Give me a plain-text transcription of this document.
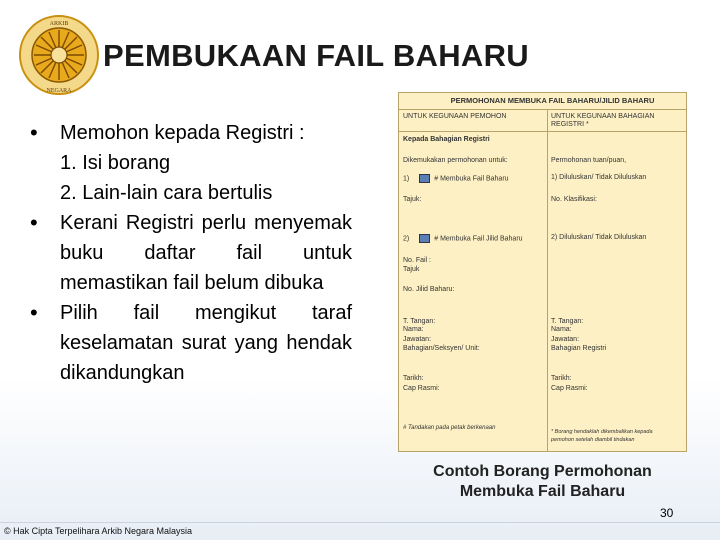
ARKIB
NEGARA
PEMBUKAAN FAIL BAHARU
• Memohon kepada Registri :
1. Isi borang
2. Lain-lain cara bertulis
• Kerani Registri perlu menyemak buku daftar fail untuk memastikan fail belum dibuka
• Pilih fail mengikut taraf keselamatan surat yang hendak dikandungkan
PERMOHONAN MEMBUKA FAIL BAHARU/JILID BAHARU
UNTUK KEGUNAAN PEMOHON
Kepada Bahagian Registri
Dikemukakan permohonan untuk:
1)	# Membuka Fail Baharu
Tajuk:
2)	# Membuka Fail Jilid Baharu
No. Fail :
Tajuk
No. Jilid Baharu:
T. Tangan:
Nama:
Jawatan:
Bahagian/Seksyen/ Unit:
Tarikh:
Cap Rasmi:
# Tandakan pada petak berkenaan
UNTUK KEGUNAAN BAHAGIAN REGISTRI *
Permohonan tuan/puan,
1) Diluluskan/ Tidak Diluluskan
No. Klasifikasi:
2) Diluluskan/ Tidak Diluluskan
T. Tangan:
Nama:
Jawatan:
Bahagian Registri
Tarikh:
Cap Rasmi:
* Borang hendaklah dikembalikan kepada
pemohon setelah diambil tindakan
Contoh Borang Permohonan
Membuka Fail Baharu
30
© Hak Cipta Terpelihara Arkib Negara Malaysia
